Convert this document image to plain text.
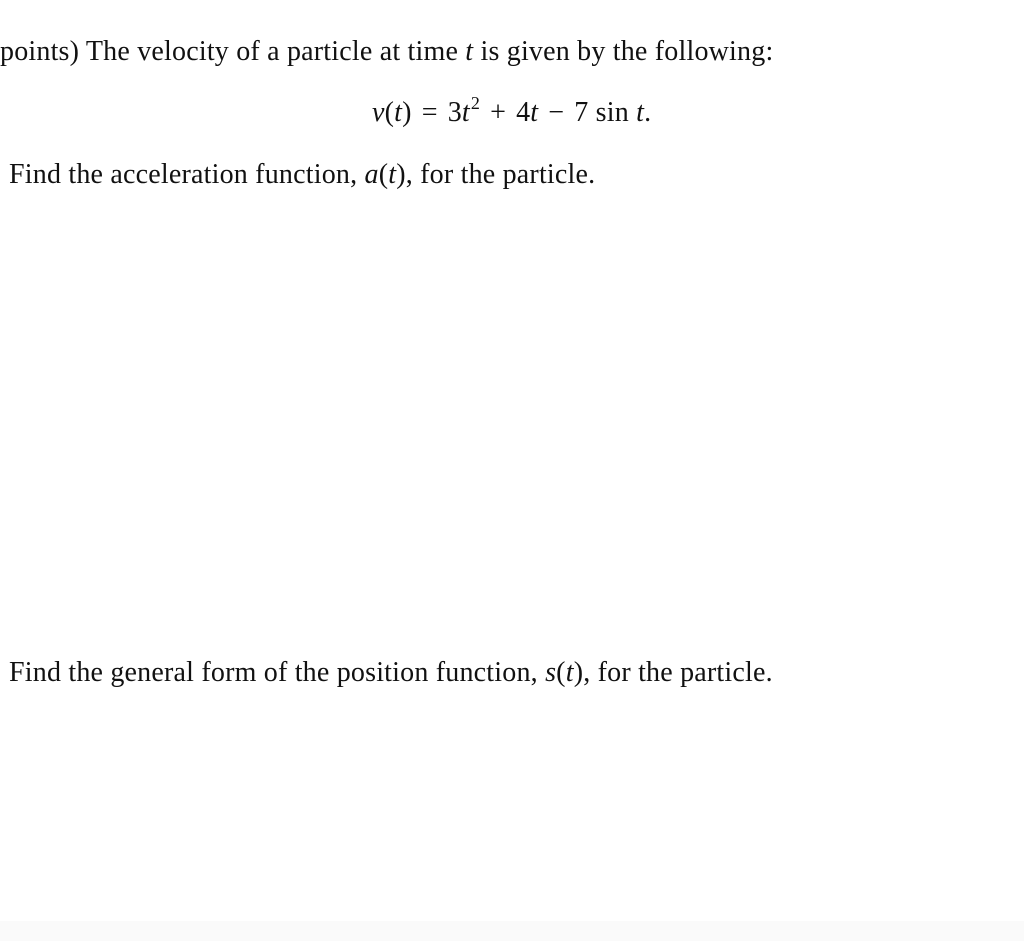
points) The velocity of a particle at time t is given by the following:
$v(t) = 3t^2 + 4t - 7$ sin t.
Find the acceleration function, a(t), for the particle.
Find the general form of the position function, s(t), for the particle.
